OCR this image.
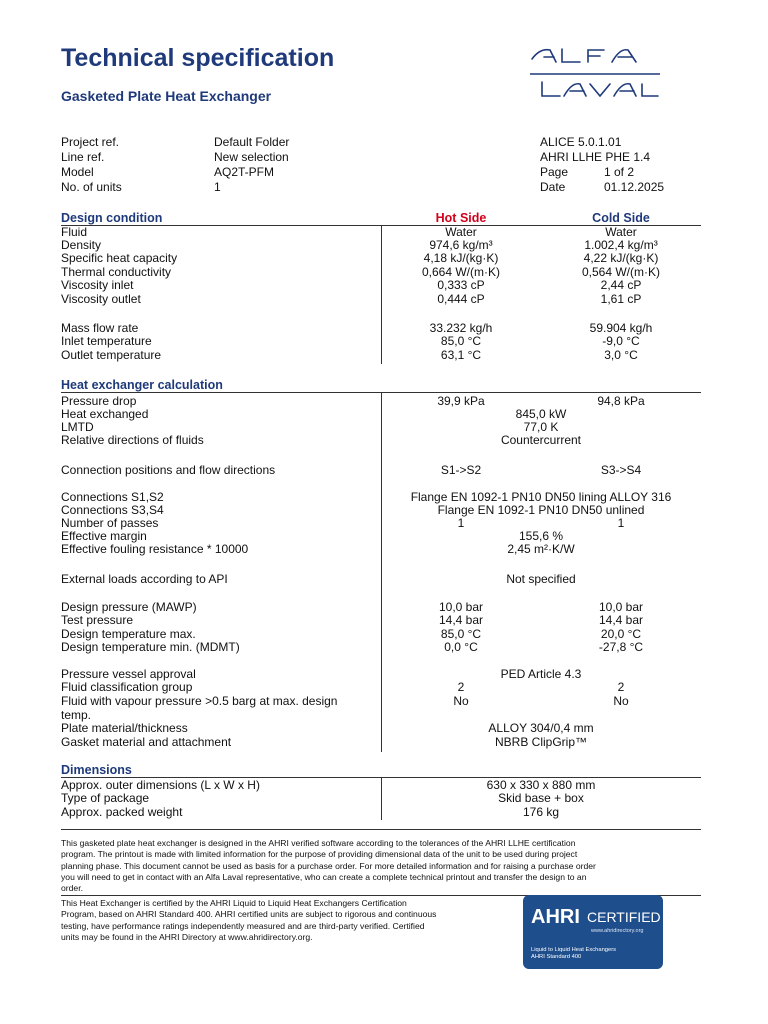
Technical specification
Gasketed Plate Heat Exchanger
Project ref.	Default Folder
Line ref.	New selection
Model	AQ2T-PFM
No. of units	1
ALICE 5.0.1.01
AHRI LLHE PHE 1.4
Page	1 of 2
Date	01.12.2025
Design condition	Hot Side	Cold Side
Fluid	Water	Water
Density	974,6 kg/m³	1.002,4 kg/m³
Specific heat capacity	4,18 kJ/(kg·K)	4,22 kJ/(kg·K)
Thermal conductivity	0,664 W/(m·K)	0,564 W/(m·K)
Viscosity inlet	0,333 cP	2,44 cP
Viscosity outlet	0,444 cP	1,61 cP
Mass flow rate	33.232 kg/h	59.904 kg/h
Inlet temperature	85,0 °C	-9,0 °C
Outlet temperature	63,1 °C	3,0 °C
Heat exchanger calculation
Pressure drop	39,9 kPa	94,8 kPa
Heat exchanged	845,0 kW
LMTD	77,0 K
Relative directions of fluids	Countercurrent
Connection positions and flow directions	S1->S2	S3->S4
Connections S1,S2	Flange EN 1092-1 PN10 DN50 lining ALLOY 316
Connections S3,S4	Flange EN 1092-1 PN10 DN50 unlined
Number of passes	1	1
Effective margin	155,6 %
Effective fouling resistance * 10000	2,45 m²·K/W
External loads according to API	Not specified
Design pressure (MAWP)	10,0 bar	10,0 bar
Test pressure	14,4 bar	14,4 bar
Design temperature max.	85,0 °C	20,0 °C
Design temperature min. (MDMT)	0,0 °C	-27,8 °C
Pressure vessel approval	PED Article 4.3
Fluid classification group	2	2
Fluid with vapour pressure >0.5 barg at max. design	No	No
temp.
Plate material/thickness	ALLOY 304/0,4 mm
Gasket material and attachment	NBRB ClipGrip™
Dimensions
Approx. outer dimensions (L x W x H)	630 x 330 x 880 mm
Type of package	Skid base + box
Approx. packed weight	176 kg
This gasketed plate heat exchanger is designed in the AHRI verified software according to the tolerances of the AHRI LLHE certification
program. The printout is made with limited information for the purpose of providing dimensional data of the unit to be used during project
planning phase. This document cannot be used as basis for a purchase order. For more detailed information and for raising a purchase order
you will need to get in contact with an Alfa Laval representative, who can create a complete technical printout and transfer the design to an
order.
This Heat Exchanger is certified by the AHRI Liquid to Liquid Heat Exchangers Certification
Program, based on AHRI Standard 400. AHRI certified units are subject to rigorous and continuous
testing, have performance ratings independently measured and are third-party verified. Certified
units may be found in the AHRI Directory at www.ahridirectory.org.
AHRI CERTIFIED
www.ahridirectory.org
Liquid to Liquid Heat Exchangers
AHRI Standard 400
